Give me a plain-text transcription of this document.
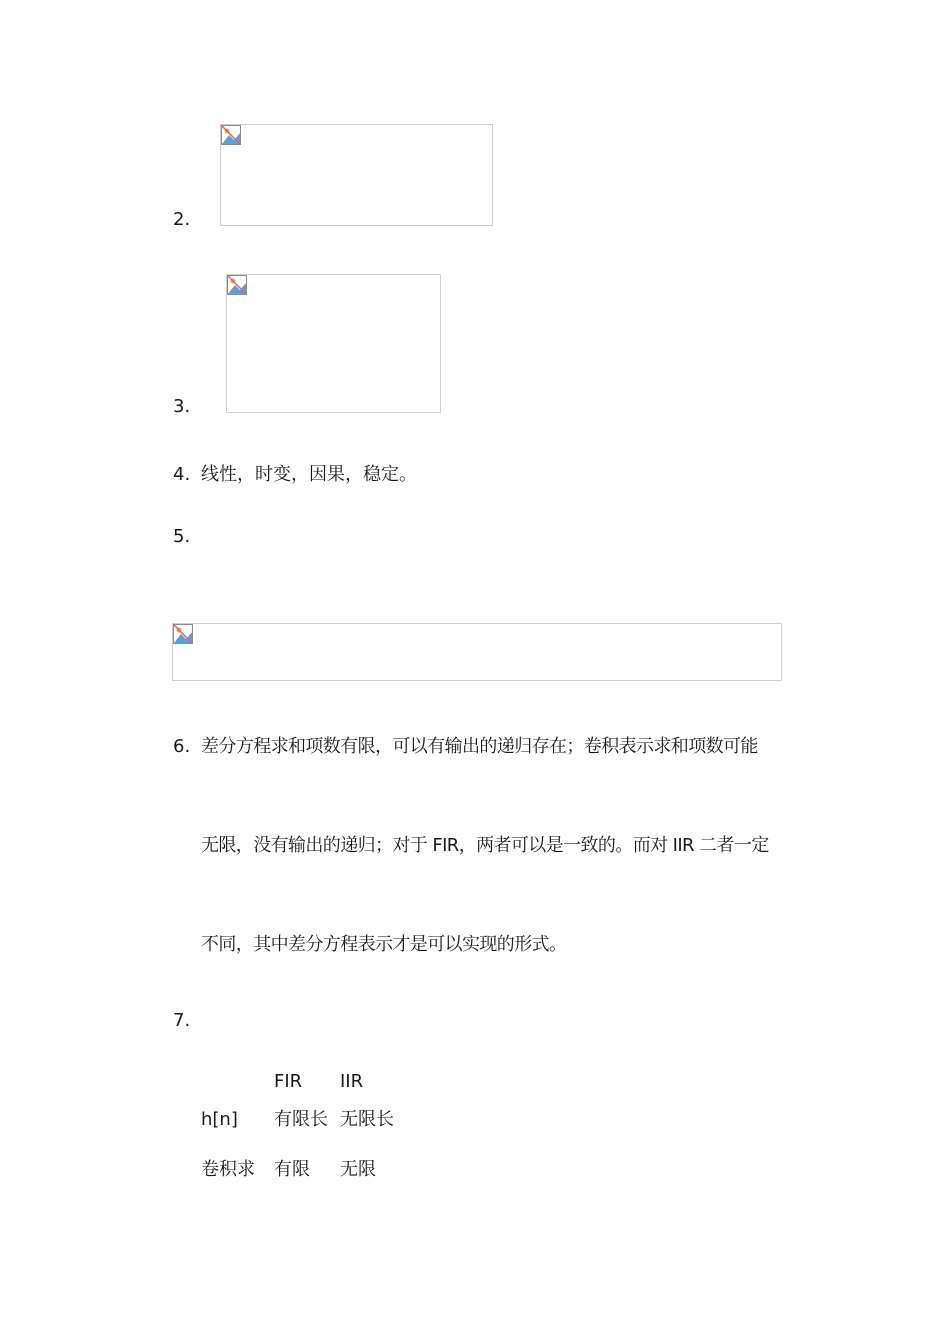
2.
3.
4. 线性，时变，因果，稳定。
5.
6. 差分方程求和项数有限，可以有输出的递归存在；卷积表示求和项数可能
无限，没有输出的递归；对于 FIR，两者可以是一致的。而对 IIR 二者一定
不同，其中差分方程表示才是可以实现的形式。
7.
FIR IIR
h[n] 有限长 无限长
卷积求 有限 无限
